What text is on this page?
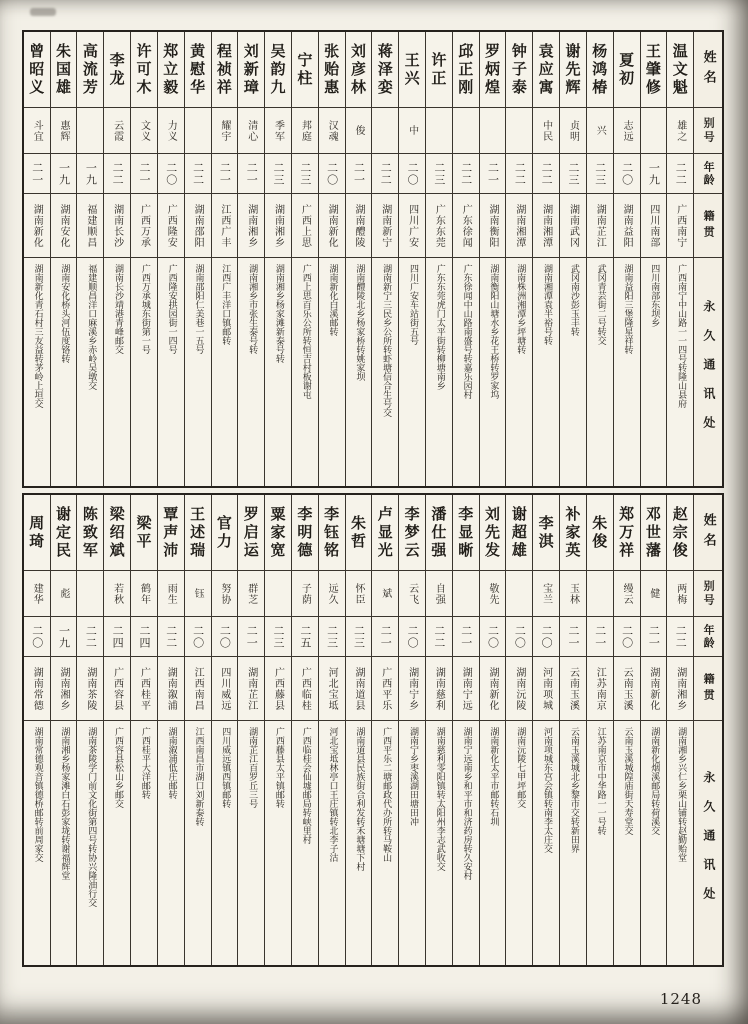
姓名
别号
年龄
籍贯
永久通讯处
温文魁
雄之
二二
广西南宁
广西南宁中山路一一四号转隆山县府
王肇修
一九
四川南部
四川南部东坝乡
夏初
志远
二〇
湖南益阳
湖南益阳三堡隆星祥转
杨鸿椿
兴
二三
湖南芷江
武冈青芸街二号转交
谢先辉
贞明
二三
湖南武冈
武冈南沙彭玉丰转
袁应寓
中民
二二
湖南湘潭
湖南湘潭袁半裕号转
钟子泰
二二
湖南湘潭
湖南株洲湘潭乡坪塘转
罗炳煌
二一
湖南衡阳
湖南衡阳山塘水乡花王桥转罗家坞
邱正刚
二二
广东徐闻
广东徐闻中山路南盛号转嘉乐园村
许正
二三
广东东莞
广东东莞虎门太平街转柳塘南乡
王兴
中
二〇
四川广安
四川广安车站街五号
蒋泽娈
二二
湖南新宁
湖南新宁三民乡公所转虾塘信合生号交
刘彦林
俊
二一
湖南醴陵
湖南醴陵北乡杨家桥转姚家坝
张贻惠
汉魂
二〇
湖南新化
湖南新化白溪邮转
宁柱
邦庭
二三
广西上思
广西上思百乐公所转恒吉村板谢屯
吴韵九
季军
二三
湖南湘乡
湖南湘乡杨家滩新泰号转
刘新璋
清心
二一
湖南湘乡
湖南湘乡市张生泰号转
程祯祥
耀宇
二一
江西广丰
江西广丰洋口镇邮转
黄慰华
二二
湖南邵阳
湖南邵阳仁美巷一五号
郑立毅
力义
二〇
广西隆安
广西隆安拱园街一四号
许可木
文义
二一
广西万承
广西万承城东街第一号
李龙
云霞
二二
湖南长沙
湖南长沙靖港青峰邮交
高流芳
一九
福建顺昌
福建顺昌洋口麻溪乡赤岭吴墩交
朱国雄
惠辉
一九
湖南安化
湖南安化桥头河伍度铬转
曾昭义
斗宜
二一
湖南新化
湖南新化青石村三友益转茅岭上垣交
姓名
别号
年龄
籍贯
永久通讯处
赵宗俊
两梅
二二
湖南湘乡
湖南湘乡兴仁乡栗山铺转赵勤贻堂
邓世藩
健
二一
湖南新化
湖南新化烟溪邮局转荷溪交
郑万祥
缦云
二〇
云南玉溪
云南玉溪城隍庙街天寿堂交
朱俊
二一
江苏南京
江苏南京市中华路一一号转
补家英
玉林
二一
云南玉溪
云南玉溪城北乡黎市交转新田界
李淇
宝兰
二〇
河南项城
河南项城东宫会镇转南李太庄交
谢超雄
二〇
湖南沅陵
湖南沅陵七甲坪邮交
刘先发
敬先
二〇
湖南新化
湖南新化太平市邮转石圳
李显晰
二一
湖南宁远
湖南宁远南乡和平市和济药房转久安村
潘仕强
自强
二二
湖南慈利
湖南慈利零阳镇转太阳州李志武收交
李梦云
云飞
二〇
湖南宁乡
湖南宁乡枣溪湖田塘田冲
卢显光
斌
二一
广西平乐
广西平乐二塘邮政代办所转马鞍山
朱哲
怀臣
二三
湖南道县
湖南道县民族街合利发转禾塘塘下村
李钰铭
远久
二三
河北宝坻
河北宝坻林亭口王庄镇转北李子沽
李明德
子荫
二五
广西临桂
广西临桂会仙墟邮局转峡里村
粟家宽
二三
广西藤县
广西藤县太平镇邮转
罗启运
群芝
二一
湖南芷江
湖南芷江百罗丘三号
官力
努协
二〇
四川威远
四川威远镇西镇邮转
王述瑞
钰
二〇
江西南昌
江西南昌市湖口刘新泰转
覃声沛
雨生
二二
湖南溆浦
湖南溆浦低庄邮转
梁平
鹤年
二四
广西桂平
广西桂平大洋邮转
梁绍斌
若秋
二四
广西容县
广西容县松山乡邮交
陈致军
二二
湖南茶陵
湖南茶陵学门前文化街第四号转协兴隆油行交
谢定民
彪
一九
湖南湘乡
湖南湘乡杨家滩白石彭家垅转谢福辉堂
周琦
建华
二〇
湖南常德
湖南常德观音镇德桥邮转前周家交
1248
